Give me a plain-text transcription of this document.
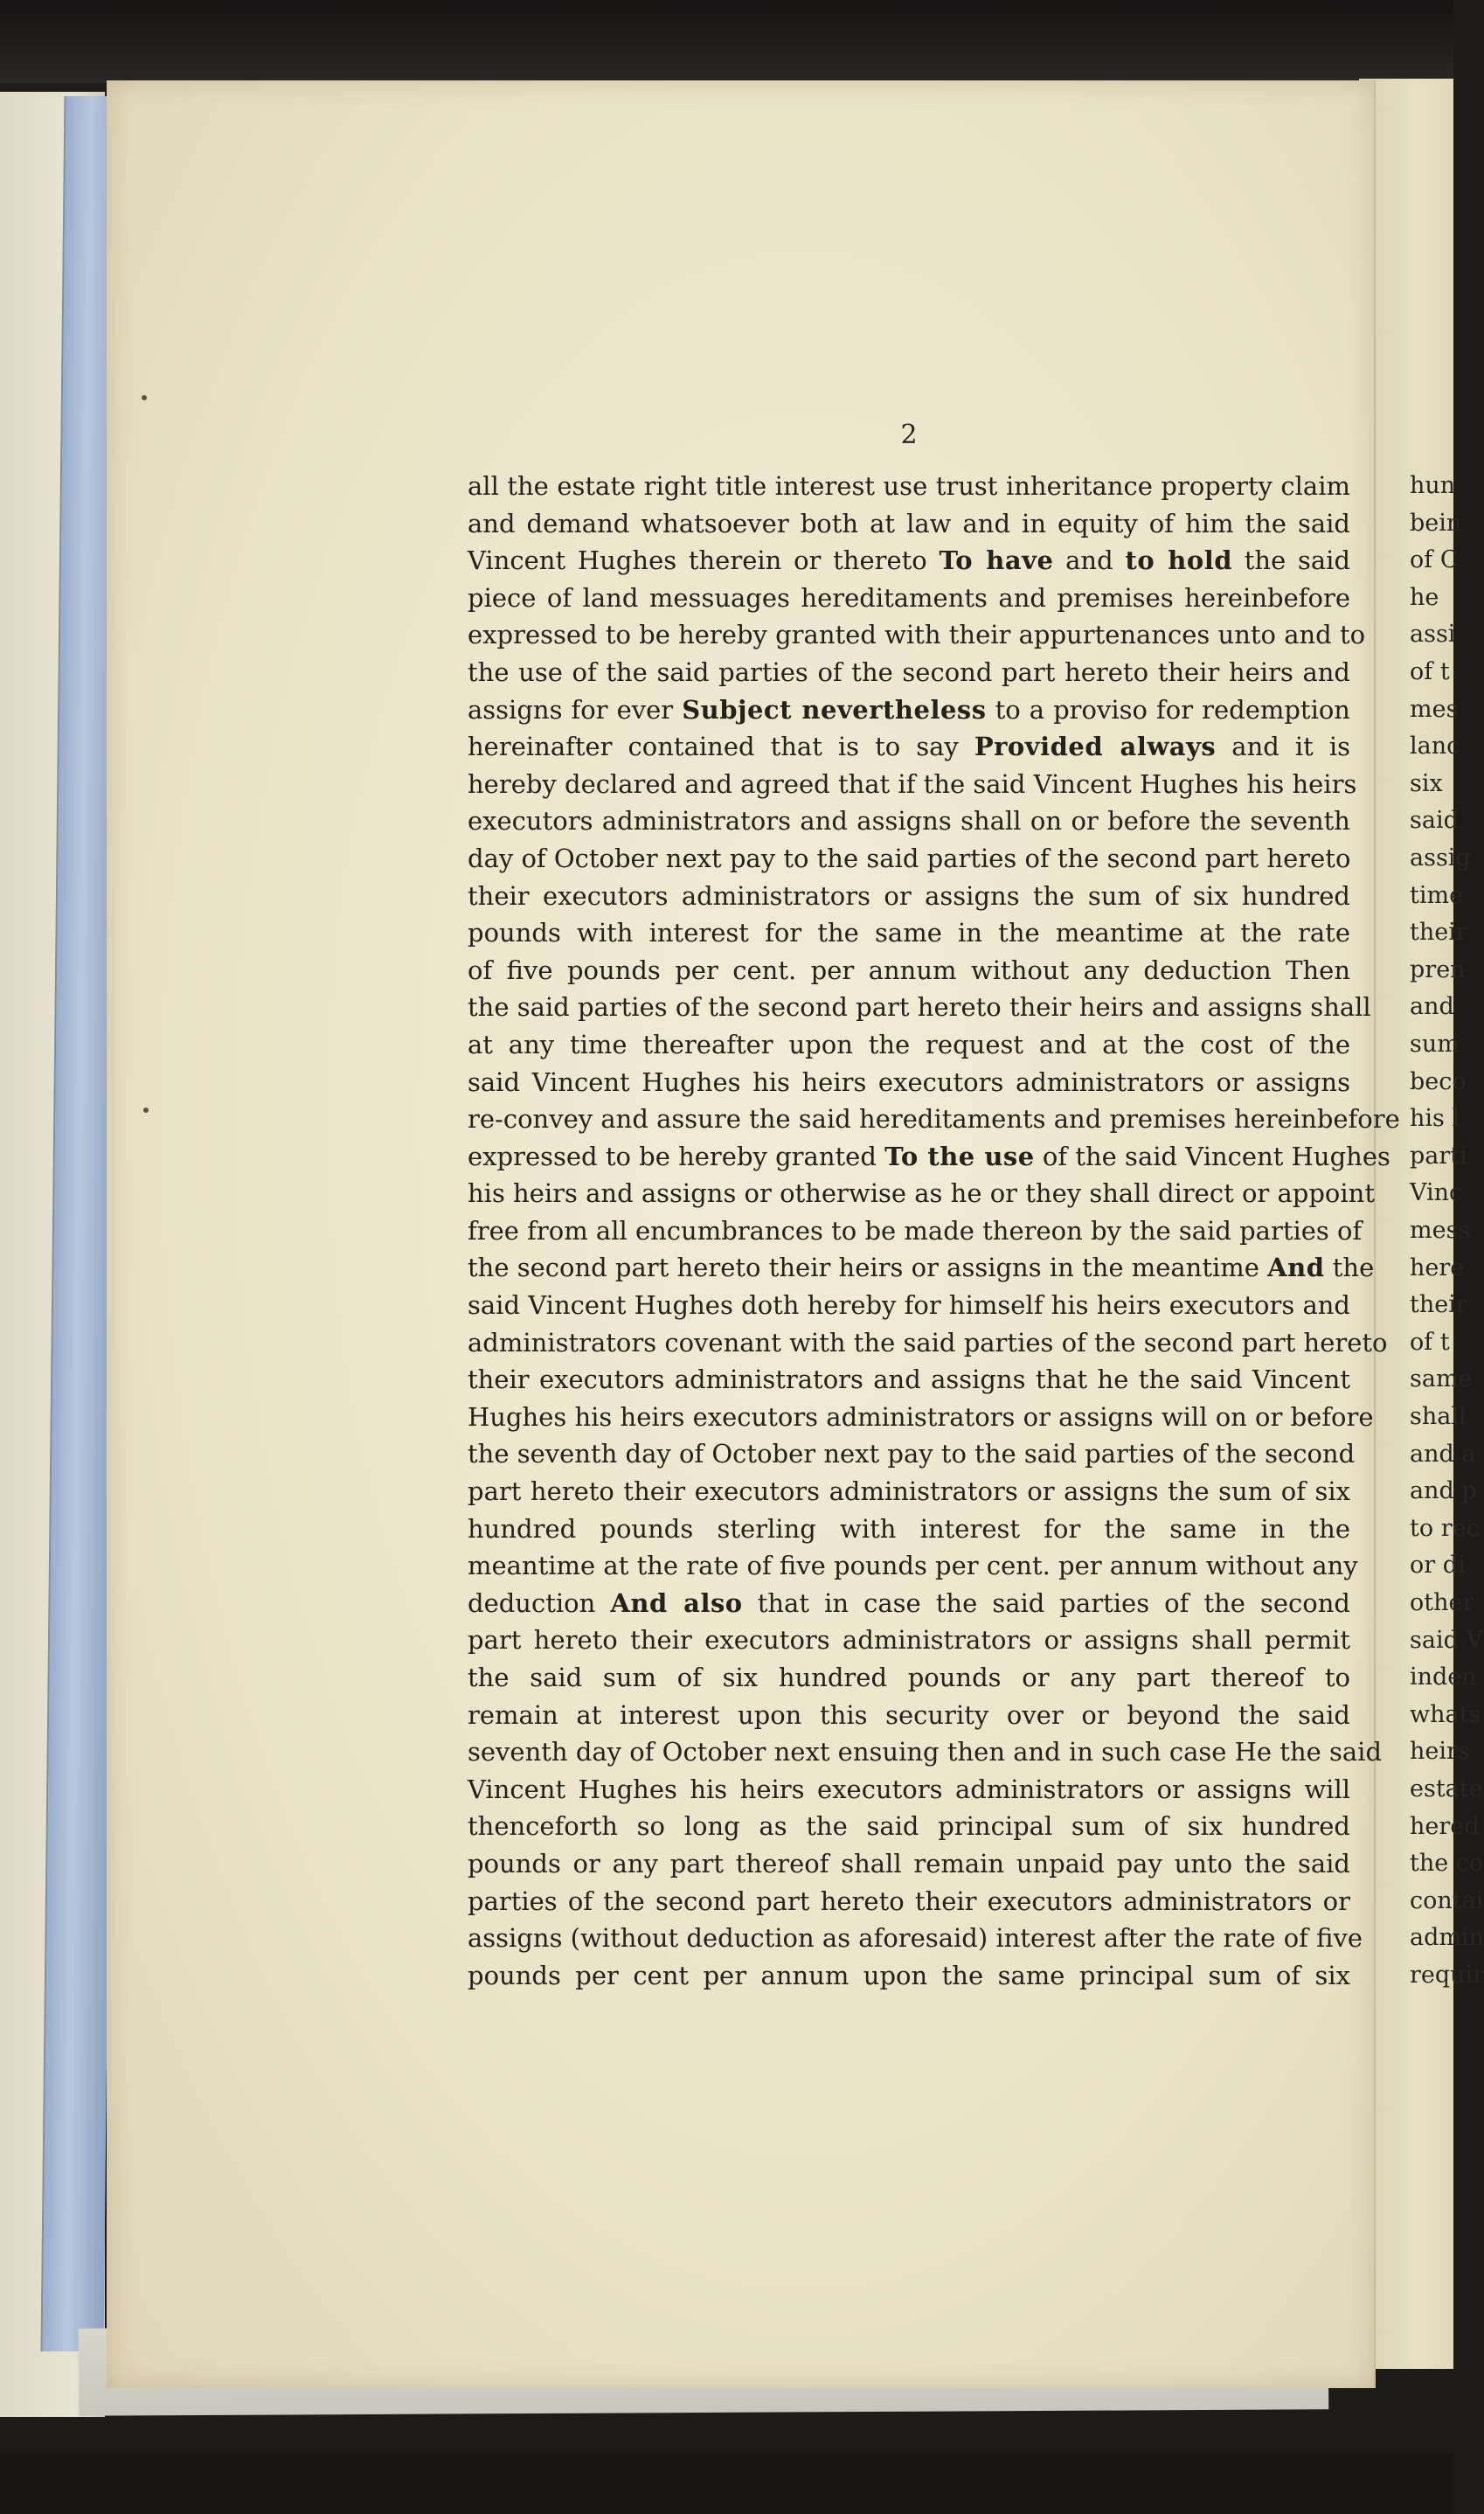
hun
bein
of C
he
assi
of t
mes
lanc
six
said
assig
time
their
pren
and
sum
beco
his l
parti
Vinc
mess
here
their
of t
same
shall
and a
and p
to rec
or di
other
said V
inden
whats
heirs
estate
hered
the co
contai
admin
requir
2
all the estate right title interest use trust inheritance property claim
and demand whatsoever both at law and in equity of him the said
Vincent Hughes therein or thereto To have and to hold the said
piece of land messuages hereditaments and premises hereinbefore
expressed to be hereby granted with their appurtenances unto and to
the use of the said parties of the second part hereto their heirs and
assigns for ever Subject nevertheless to a proviso for redemption
hereinafter contained that is to say Provided always and it is
hereby declared and agreed that if the said Vincent Hughes his heirs
executors administrators and assigns shall on or before the seventh
day of October next pay to the said parties of the second part hereto
their executors administrators or assigns the sum of six hundred
pounds with interest for the same in the meantime at the rate
of five pounds per cent. per annum without any deduction Then
the said parties of the second part hereto their heirs and assigns shall
at any time thereafter upon the request and at the cost of the
said Vincent Hughes his heirs executors administrators or assigns
re-convey and assure the said hereditaments and premises hereinbefore
expressed to be hereby granted To the use of the said Vincent Hughes
his heirs and assigns or otherwise as he or they shall direct or appoint
free from all encumbrances to be made thereon by the said parties of
the second part hereto their heirs or assigns in the meantime And the
said Vincent Hughes doth hereby for himself his heirs executors and
administrators covenant with the said parties of the second part hereto
their executors administrators and assigns that he the said Vincent
Hughes his heirs executors administrators or assigns will on or before
the seventh day of October next pay to the said parties of the second
part hereto their executors administrators or assigns the sum of six
hundred pounds sterling with interest for the same in the
meantime at the rate of five pounds per cent. per annum without any
deduction And also that in case the said parties of the second
part hereto their executors administrators or assigns shall permit
the said sum of six hundred pounds or any part thereof to
remain at interest upon this security over or beyond the said
seventh day of October next ensuing then and in such case He the said
Vincent Hughes his heirs executors administrators or assigns will
thenceforth so long as the said principal sum of six hundred
pounds or any part thereof shall remain unpaid pay unto the said
parties of the second part hereto their executors administrators or
assigns (without deduction as aforesaid) interest after the rate of five
pounds per cent per annum upon the same principal sum of six
